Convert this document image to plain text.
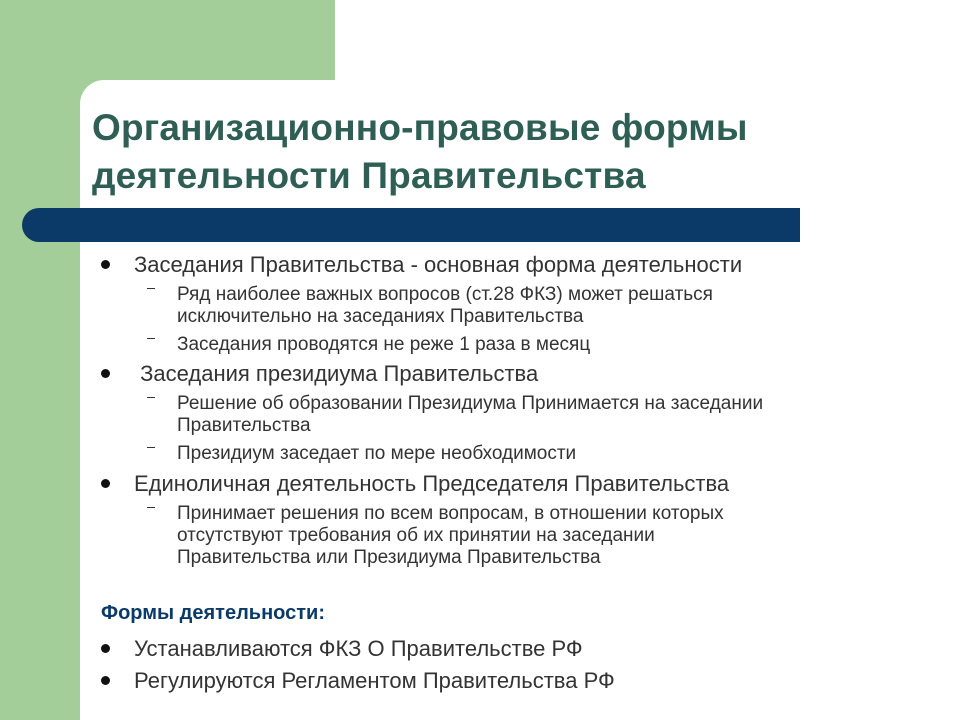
Организационно-правовые формы
деятельности Правительства
Заседания Правительства - основная форма деятельности
Ряд наиболее важных вопросов (ст.28 ФКЗ) может решаться
исключительно на заседаниях Правительства
Заседания проводятся не реже 1 раза в месяц
Заседания президиума Правительства
Решение об образовании Президиума Принимается на заседании
Правительства
Президиум заседает по мере необходимости
Единоличная деятельность Председателя Правительства
Принимает решения по всем вопросам, в отношении которых
отсутствуют требования об их принятии на заседании
Правительства или Президиума Правительства
Формы деятельности:
Устанавливаются ФКЗ О Правительстве РФ
Регулируются Регламентом Правительства РФ
